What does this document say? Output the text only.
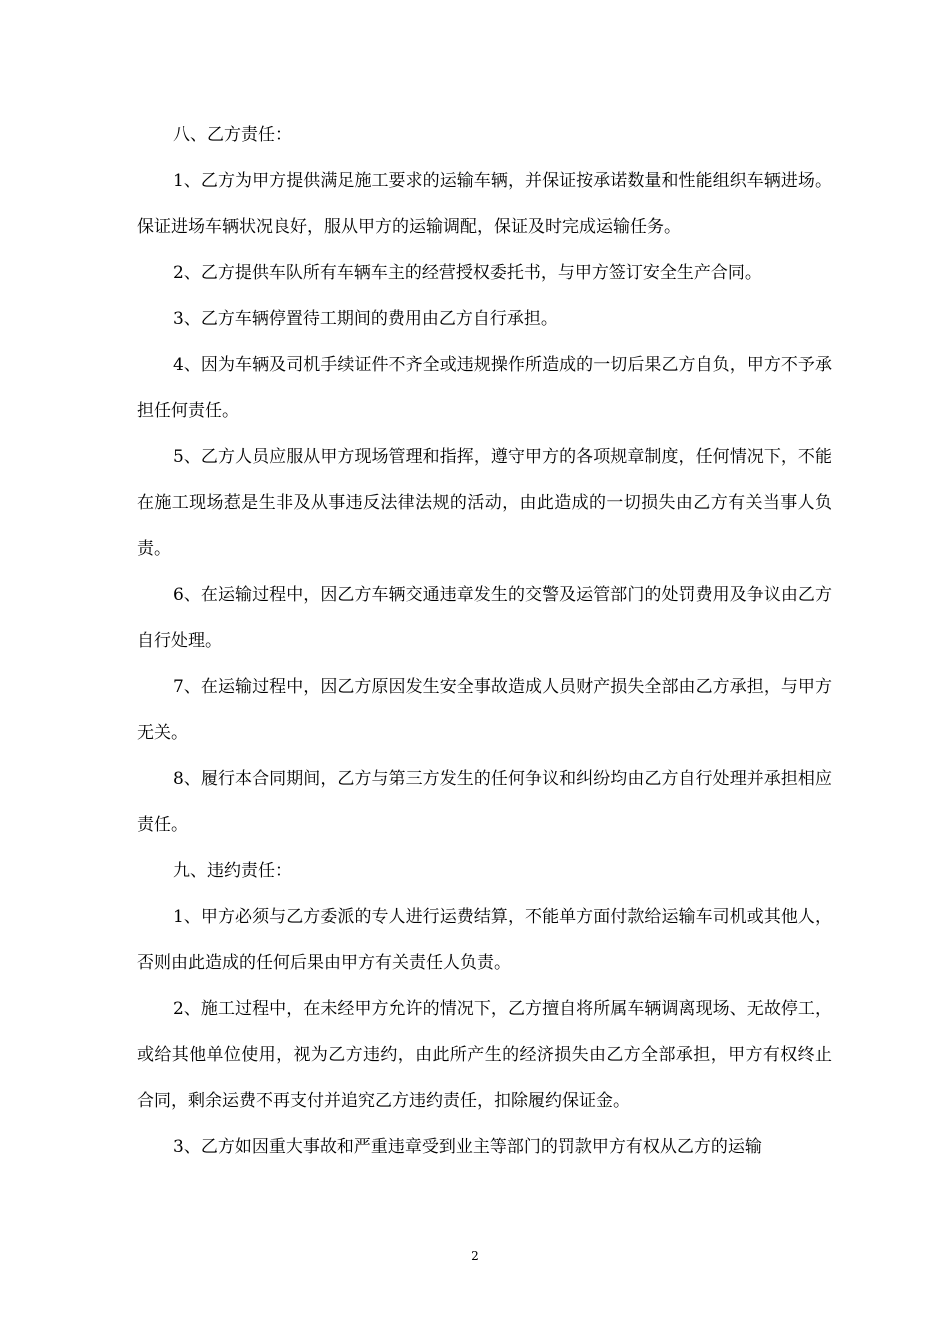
八、乙方责任：

1、乙方为甲方提供满足施工要求的运输车辆，并保证按承诺数量和性能组织车辆进场。保证进场车辆状况良好，服从甲方的运输调配，保证及时完成运输任务。

2、乙方提供车队所有车辆车主的经营授权委托书，与甲方签订安全生产合同。

3、乙方车辆停置待工期间的费用由乙方自行承担。

4、因为车辆及司机手续证件不齐全或违规操作所造成的一切后果乙方自负，甲方不予承担任何责任。

5、乙方人员应服从甲方现场管理和指挥，遵守甲方的各项规章制度，任何情况下，不能在施工现场惹是生非及从事违反法律法规的活动，由此造成的一切损失由乙方有关当事人负责。

6、在运输过程中，因乙方车辆交通违章发生的交警及运管部门的处罚费用及争议由乙方自行处理。

7、在运输过程中，因乙方原因发生安全事故造成人员财产损失全部由乙方承担，与甲方无关。

8、履行本合同期间，乙方与第三方发生的任何争议和纠纷均由乙方自行处理并承担相应责任。

九、违约责任：

1、甲方必须与乙方委派的专人进行运费结算，不能单方面付款给运输车司机或其他人，否则由此造成的任何后果由甲方有关责任人负责。

2、施工过程中，在未经甲方允许的情况下，乙方擅自将所属车辆调离现场、无故停工，或给其他单位使用，视为乙方违约，由此所产生的经济损失由乙方全部承担，甲方有权终止合同，剩余运费不再支付并追究乙方违约责任，扣除履约保证金。

3、乙方如因重大事故和严重违章受到业主等部门的罚款甲方有权从乙方的运输

2
